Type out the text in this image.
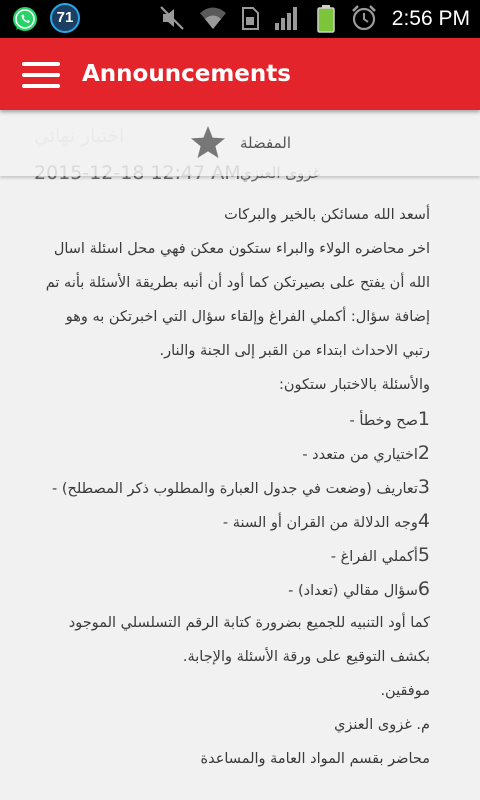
71	2:56 PM
Announcements
المفضلة
أسعد الله مسائكن بالخير والبركات
اخر محاضره الولاء والبراء ستكون معكن فهي محل اسئلة اسال
الله أن يفتح على بصيرتكن كما أود أن أنبه بطريقة الأسئلة بأنه تم
إضافة سؤال: أكملي الفراغ وإلقاء سؤال التي اخبرتكن به وهو
رتبي الاحداث ابتداء من القبر إلى الجنة والنار.
والأسئلة بالاختبار ستكون:
1صح وخطأ -
2اختياري من متعدد -
3تعاريف (وضعت في جدول العبارة والمطلوب ذكر المصطلح) -
4وجه الدلالة من القران أو السنة -
5أكملي الفراغ -
6سؤال مقالي (تعداد) -
كما أود التنبيه للجميع بضرورة كتابة الرقم التسلسلي الموجود
بكشف التوقيع على ورقة الأسئلة والإجابة.
موفقين.
م. غزوى العنزي
محاضر بقسم المواد العامة والمساعدة
